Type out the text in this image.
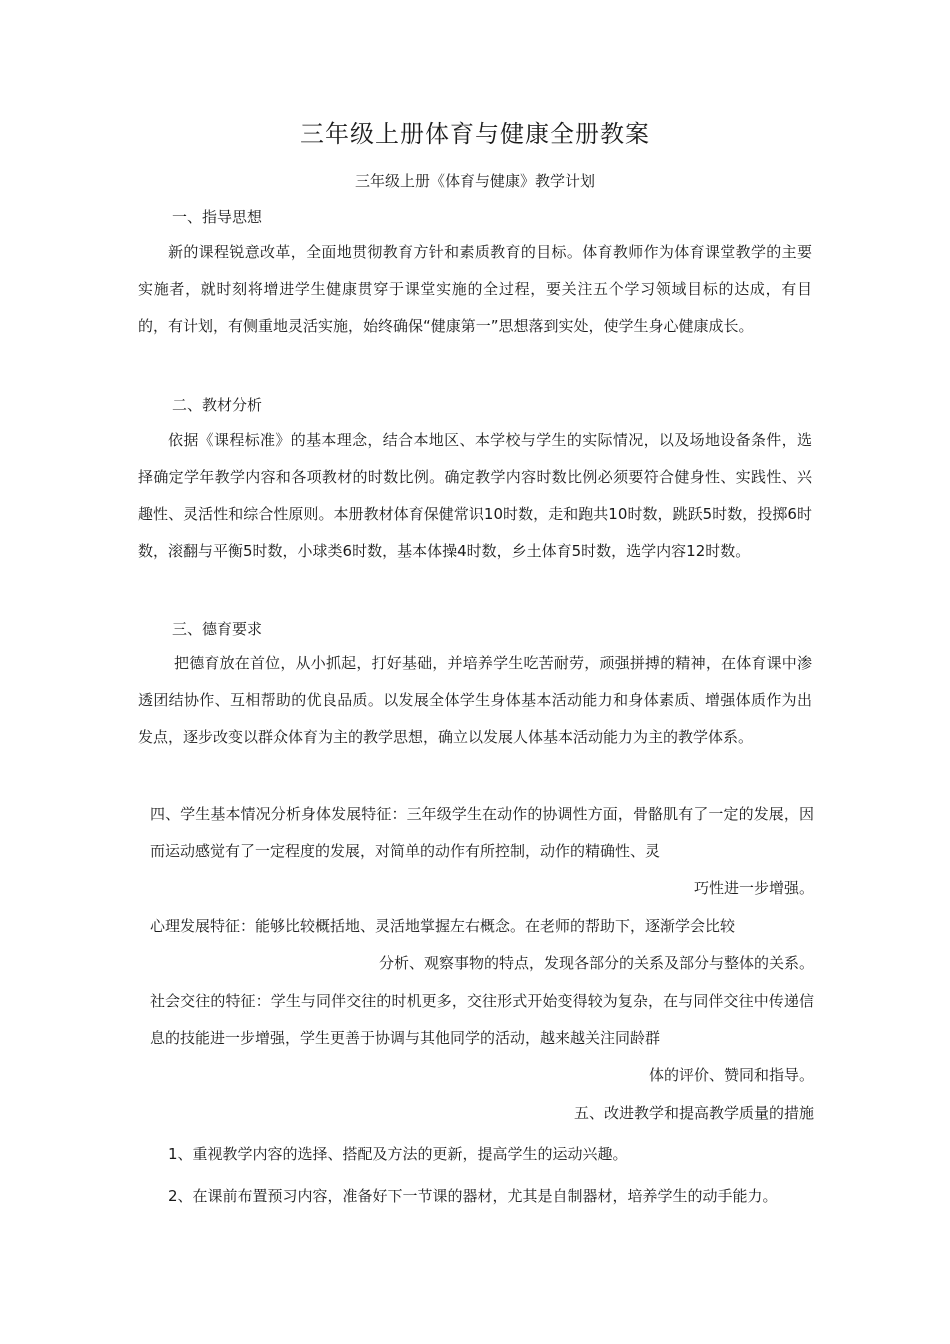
三年级上册体育与健康全册教案
三年级上册《体育与健康》教学计划
一、指导思想

新的课程锐意改革，全面地贯彻教育方针和素质教育的目标。体育教师作为体育课堂教学的主要实施者，就时刻将增进学生健康贯穿于课堂实施的全过程，要关注五个学习领域目标的达成，有目的，有计划，有侧重地灵活实施，始终确保“健康第一”思想落到实处，使学生身心健康成长。

二、教材分析

依据《课程标准》的基本理念，结合本地区、本学校与学生的实际情况，以及场地设备条件，选择确定学年教学内容和各项教材的时数比例。确定教学内容时数比例必须要符合健身性、实践性、兴趣性、灵活性和综合性原则。本册教材体育保健常识10时数，走和跑共10时数，跳跃5时数，投掷6时数，滚翻与平衡5时数，小球类6时数，基本体操4时数，乡土体育5时数，选学内容12时数。

三、德育要求

把德育放在首位，从小抓起，打好基础，并培养学生吃苦耐劳，顽强拼搏的精神，在体育课中渗透团结协作、互相帮助的优良品质。以发展全体学生身体基本活动能力和身体素质、增强体质作为出发点，逐步改变以群众体育为主的教学思想，确立以发展人体基本活动能力为主的教学体系。

四、学生基本情况分析身体发展特征：三年级学生在动作的协调性方面，骨骼肌有了一定的发展，因而运动感觉有了一定程度的发展，对简单的动作有所控制，动作的精确性、灵
巧性进一步增强。
心理发展特征：能够比较概括地、灵活地掌握左右概念。在老师的帮助下，逐渐学会比较
分析、观察事物的特点，发现各部分的关系及部分与整体的关系。
社会交往的特征：学生与同伴交往的时机更多，交往形式开始变得较为复杂，在与同伴交往中传递信息的技能进一步增强，学生更善于协调与其他同学的活动，越来越关注同龄群
体的评价、赞同和指导。
五、改进教学和提高教学质量的措施

1、重视教学内容的选择、搭配及方法的更新，提高学生的运动兴趣。

2、在课前布置预习内容，准备好下一节课的器材，尤其是自制器材，培养学生的动手能力。
